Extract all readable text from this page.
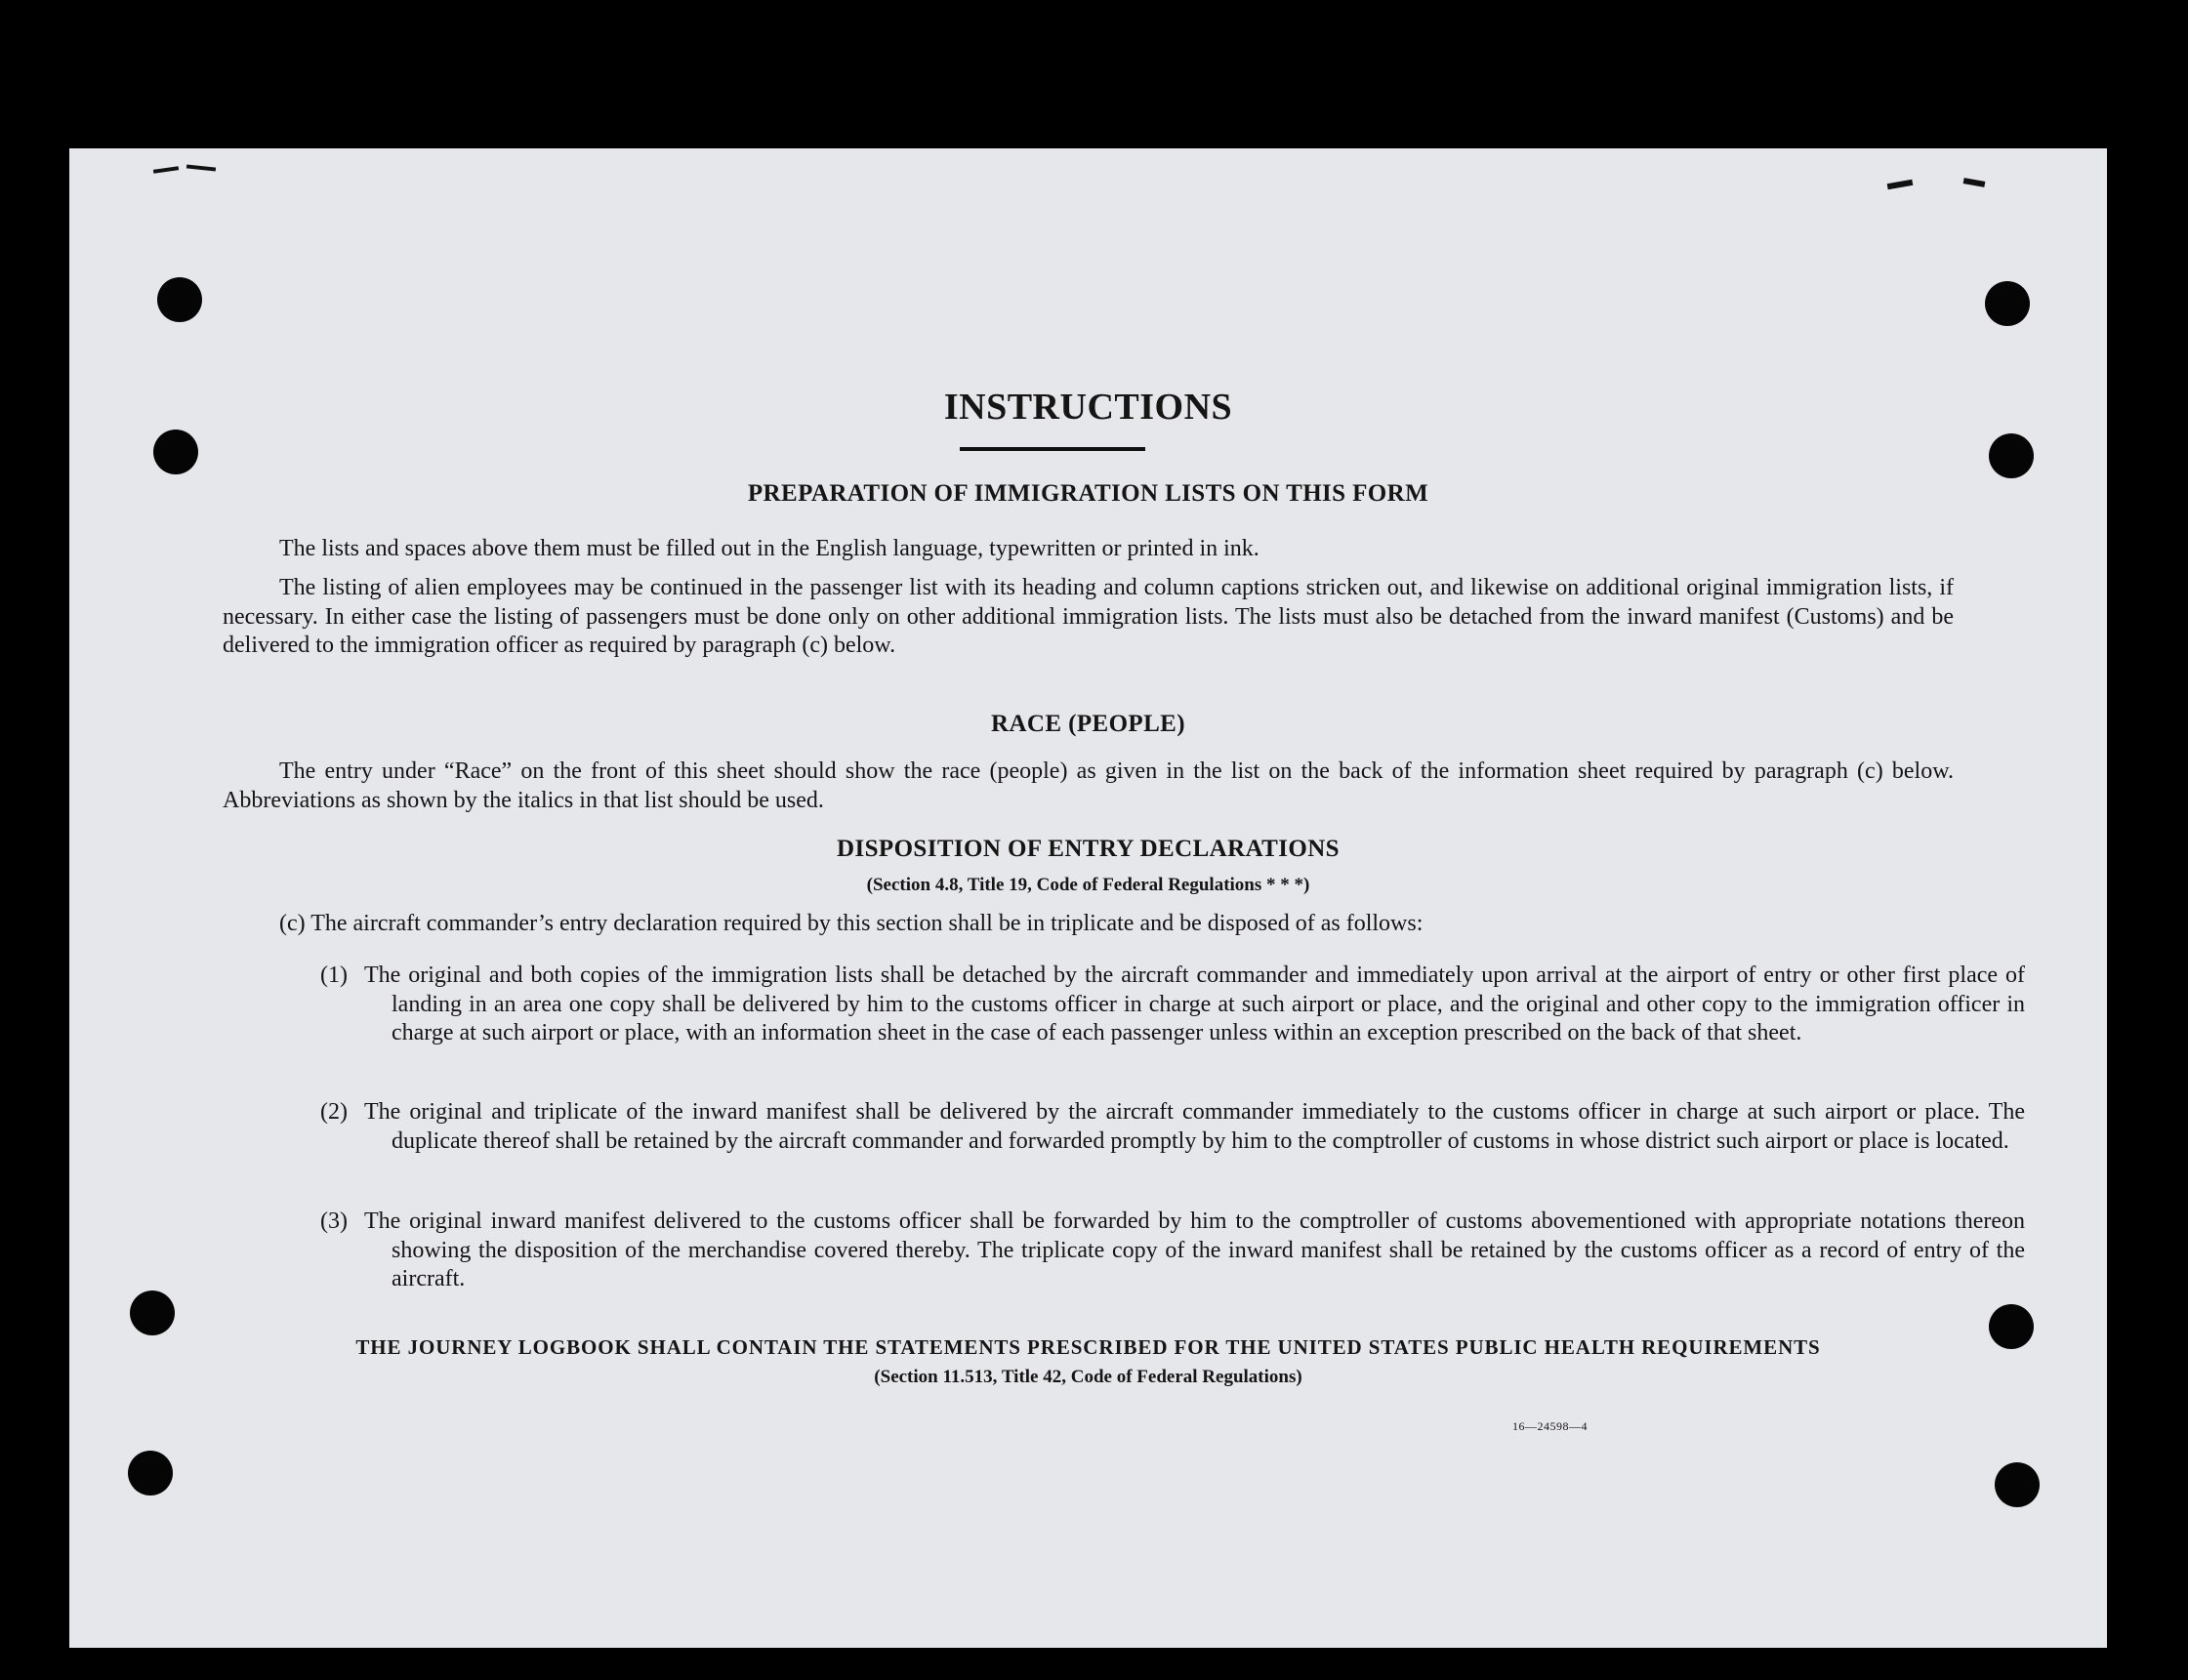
INSTRUCTIONS
PREPARATION OF IMMIGRATION LISTS ON THIS FORM

The lists and spaces above them must be filled out in the English language, typewritten or printed in ink.

The listing of alien employees may be continued in the passenger list with its heading and column captions stricken out, and likewise on additional original immigration lists, if necessary. In either case the listing of passengers must be done only on other additional immigration lists. The lists must also be detached from the inward manifest (Customs) and be delivered to the immigration officer as required by paragraph (c) below.

RACE (PEOPLE)

The entry under “Race” on the front of this sheet should show the race (people) as given in the list on the back of the information sheet required by paragraph (c) below. Abbreviations as shown by the italics in that list should be used.

DISPOSITION OF ENTRY DECLARATIONS
(Section 4.8, Title 19, Code of Federal Regulations * * *)

(c) The aircraft commander’s entry declaration required by this section shall be in triplicate and be disposed of as follows:

(1) The original and both copies of the immigration lists shall be detached by the aircraft commander and immediately upon arrival at the airport of entry or other first place of landing in an area one copy shall be delivered by him to the customs officer in charge at such airport or place, and the original and other copy to the immigration officer in charge at such airport or place, with an information sheet in the case of each passenger unless within an exception prescribed on the back of that sheet.

(2) The original and triplicate of the inward manifest shall be delivered by the aircraft commander immediately to the customs officer in charge at such airport or place. The duplicate thereof shall be retained by the aircraft commander and forwarded promptly by him to the comptroller of customs in whose district such airport or place is located.

(3) The original inward manifest delivered to the customs officer shall be forwarded by him to the comptroller of customs abovementioned with appropriate notations thereon showing the disposition of the merchandise covered thereby. The triplicate copy of the inward manifest shall be retained by the customs officer as a record of entry of the aircraft.

THE JOURNEY LOGBOOK SHALL CONTAIN THE STATEMENTS PRESCRIBED FOR THE UNITED STATES PUBLIC HEALTH REQUIREMENTS
(Section 11.513, Title 42, Code of Federal Regulations)
16—24598—4
